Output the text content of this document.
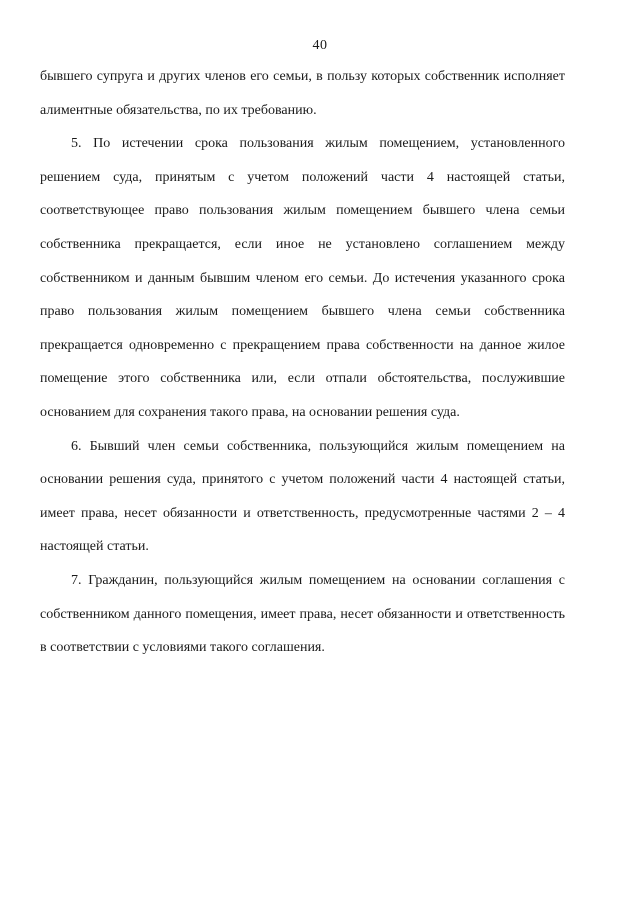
40

бывшего супруга и других членов его семьи, в пользу которых собственник исполняет алиментные обязательства, по их требованию.

5. По истечении срока пользования жилым помещением, установленного решением суда, принятым с учетом положений части 4 настоящей статьи, соответствующее право пользования жилым помещением бывшего члена семьи собственника прекращается, если иное не установлено соглашением между собственником и данным бывшим членом его семьи. До истечения указанного срока право пользования жилым помещением бывшего члена семьи собственника прекращается одновременно с прекращением права собственности на данное жилое помещение этого собственника или, если отпали обстоятельства, послужившие основанием для сохранения такого права, на основании решения суда.

6. Бывший член семьи собственника, пользующийся жилым помещением на основании решения суда, принятого с учетом положений части 4 настоящей статьи, имеет права, несет обязанности и ответственность, предусмотренные частями 2 – 4 настоящей статьи.

7. Гражданин, пользующийся жилым помещением на основании соглашения с собственником данного помещения, имеет права, несет обязанности и ответственность в соответствии с условиями такого соглашения.
